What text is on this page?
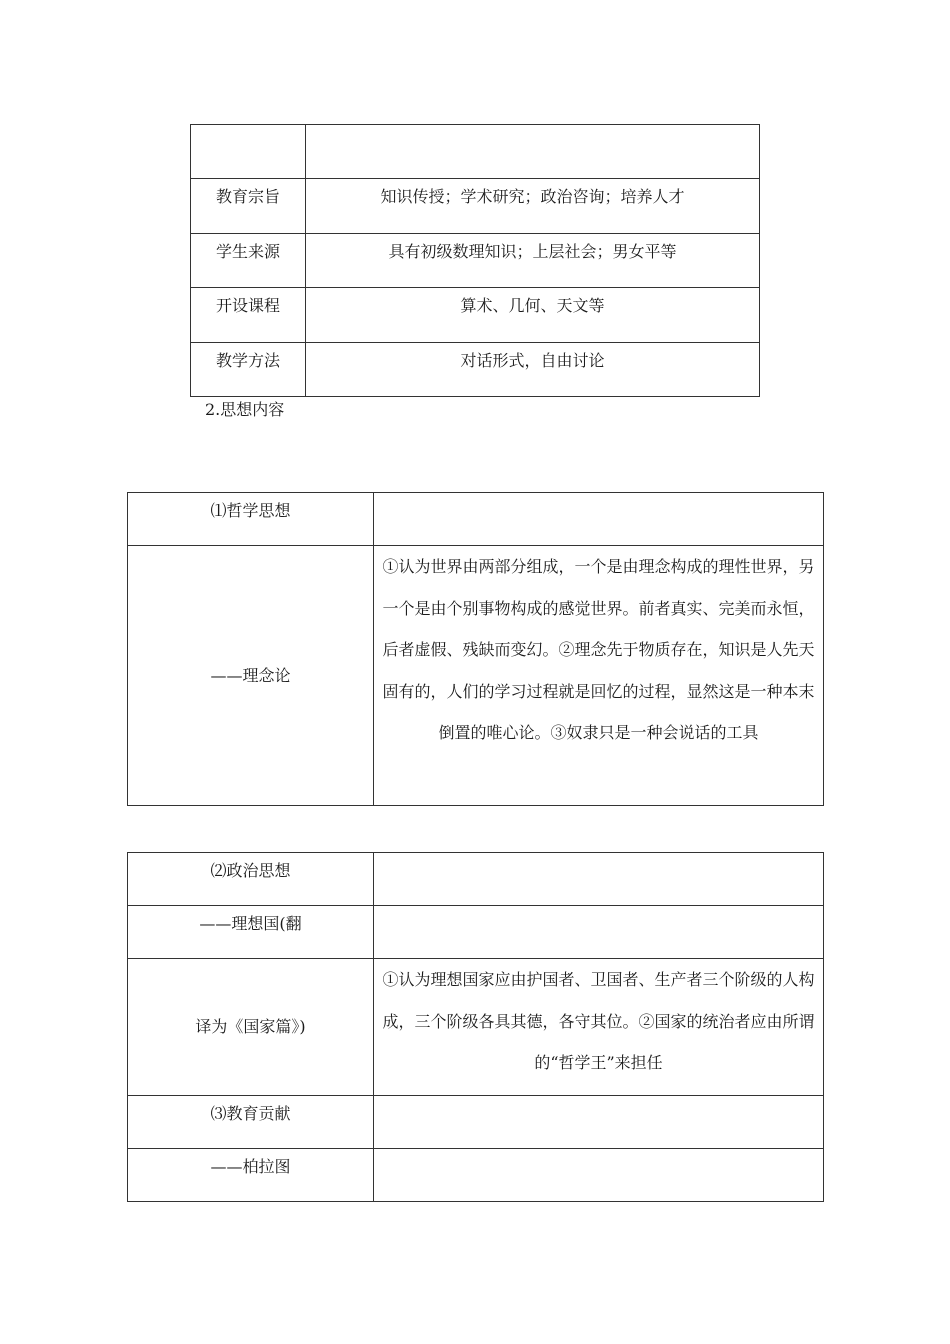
教育宗旨	知识传授；学术研究；政治咨询；培养人才

学生来源	具有初级数理知识；上层社会；男女平等

开设课程	算术、几何、天文等

教学方法	对话形式，自由讨论
2.思想内容
⑴哲学思想	

——理念论	①认为世界由两部分组成，一个是由理念构成的理性世界，另一个是由个别事物构成的感觉世界。前者真实、完美而永恒，后者虚假、残缺而变幻。②理念先于物质存在，知识是人先天固有的，人们的学习过程就是回忆的过程，显然这是一种本末倒置的唯心论。③奴隶只是一种会说话的工具
⑵政治思想	

——理想国(翻	

译为《国家篇》)	①认为理想国家应由护国者、卫国者、生产者三个阶级的人构成，三个阶级各具其德，各守其位。②国家的统治者应由所谓的“哲学王”来担任

⑶教育贡献	

——柏拉图	
